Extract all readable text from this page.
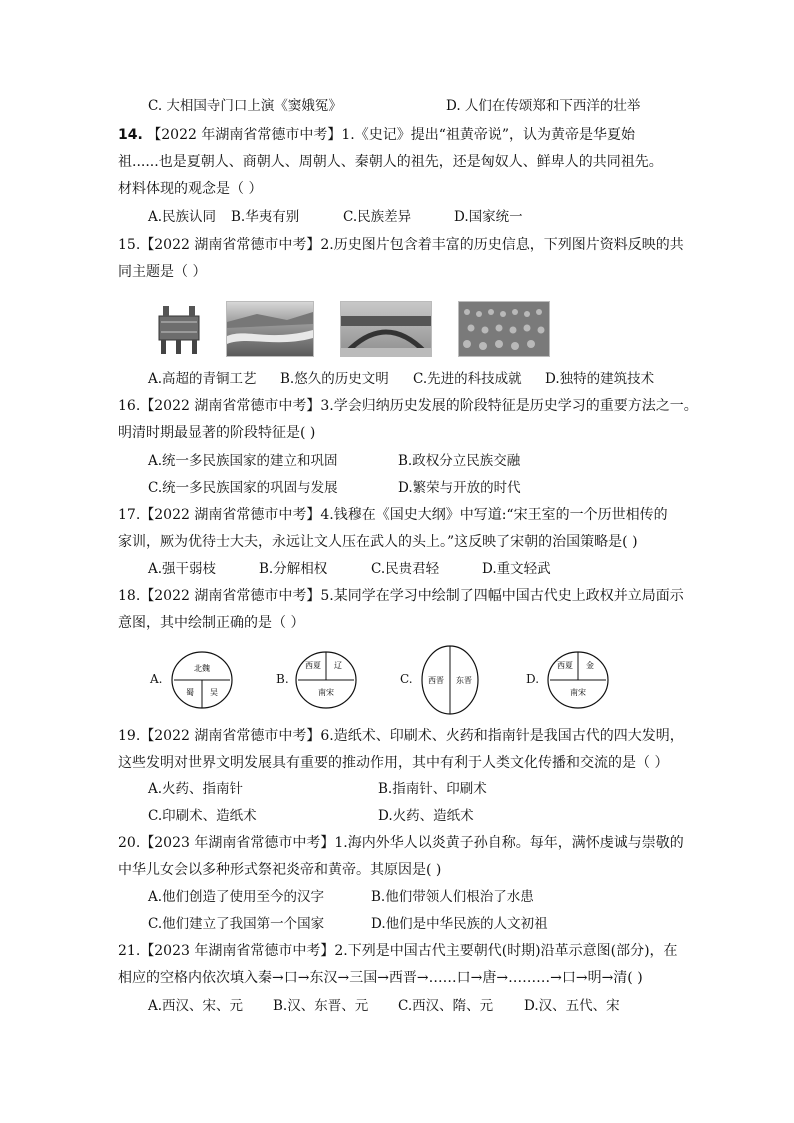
C. 大相国寺门口上演《窦娥冤》	D. 人们在传颂郑和下西洋的壮举
14. 【2022 年湖南省常德市中考】1.《史记》提出“祖黄帝说”，认为黄帝是华夏始
祖......也是夏朝人、商朝人、周朝人、秦朝人的祖先，还是匈奴人、鲜卑人的共同祖先。
材料体现的观念是（ ）
A.民族认同 B.华夷有别	C.民族差异	D.国家统一
15.【2022 湖南省常德市中考】2.历史图片包含着丰富的历史信息，下列图片资料反映的共
同主题是（ ）
A.高超的青铜工艺 B.悠久的历史文明 C.先进的科技成就 D.独特的建筑技术
16.【2022 湖南省常德市中考】3.学会归纳历史发展的阶段特征是历史学习的重要方法之一。
明清时期最显著的阶段特征是( )
A.统一多民族国家的建立和巩固	B.政权分立民族交融
C.统一多民族国家的巩固与发展	D.繁荣与开放的时代
17.【2022 湖南省常德市中考】4.钱穆在《国史大纲》中写道:“宋王室的一个历世相传的
家训，厥为优待士大夫，永远让文人压在武人的头上。”这反映了宋朝的治国策略是( )
A.强干弱枝	B.分解相权	C.民贵君轻	D.重文轻武
18.【2022 湖南省常德市中考】5.某同学在学习中绘制了四幅中国古代史上政权并立局面示
意图，其中绘制正确的是（ ）
A.
北魏
蜀 吴
B.
西夏 辽
南宋
C. 西晋 东晋	D.
西夏 金
南宋
19.【2022 湖南省常德市中考】6.造纸术、印刷术、火药和指南针是我国古代的四大发明，
这些发明对世界文明发展具有重要的推动作用，其中有利于人类文化传播和交流的是（ ）
A.火药、指南针	B.指南针、印刷术
C.印刷术、造纸术	D.火药、造纸术
20.【2023 年湖南省常德市中考】1.海内外华人以炎黄子孙自称。每年，满怀虔诚与崇敬的
中华儿女会以多种形式祭祀炎帝和黄帝。其原因是( )
A.他们创造了使用至今的汉字	B.他们带领人们根治了水患
C.他们建立了我国第一个国家	D.他们是中华民族的人文初祖
21.【2023 年湖南省常德市中考】2.下列是中国古代主要朝代(时期)沿革示意图(部分)，在
相应的空格内依次填入秦→口→东汉→三国→西晋→……口→唐→………→口→明→清( )
A.西汉、宋、元 B.汉、东晋、元 C.西汉、隋、元 D.汉、五代、宋
